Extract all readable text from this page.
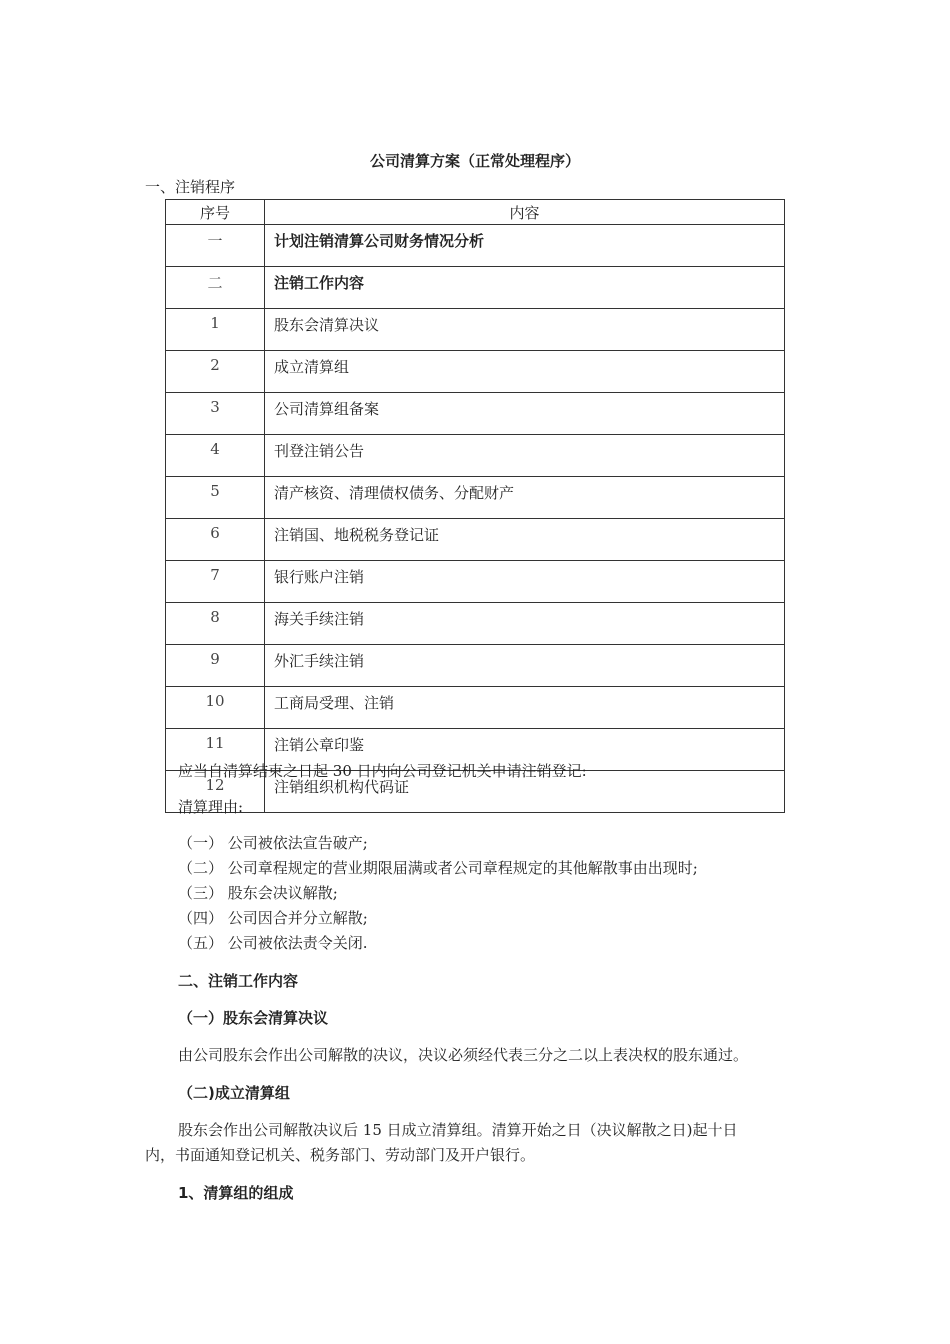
公司清算方案（正常处理程序）
一、注销程序
序号	内容
一	计划注销清算公司财务情况分析
二	注销工作内容
1	股东会清算决议
2	成立清算组
3	公司清算组备案
4	刊登注销公告
5	清产核资、清理债权债务、分配财产
6	注销国、地税税务登记证
7	银行账户注销
8	海关手续注销
9	外汇手续注销
10	工商局受理、注销
11	注销公章印鉴
12	注销组织机构代码证
应当自清算结束之日起 30 日内向公司登记机关申请注销登记:
清算理由:
（一） 公司被依法宣告破产;
（二） 公司章程规定的营业期限届满或者公司章程规定的其他解散事由出现时;
（三） 股东会决议解散;
（四） 公司因合并分立解散;
（五） 公司被依法责令关闭.
二、注销工作内容
（一）股东会清算决议
由公司股东会作出公司解散的决议，决议必须经代表三分之二以上表决权的股东通过。
（二)成立清算组
股东会作出公司解散决议后 15 日成立清算组。清算开始之日（决议解散之日)起十日
内，书面通知登记机关、税务部门、劳动部门及开户银行。
1、清算组的组成
